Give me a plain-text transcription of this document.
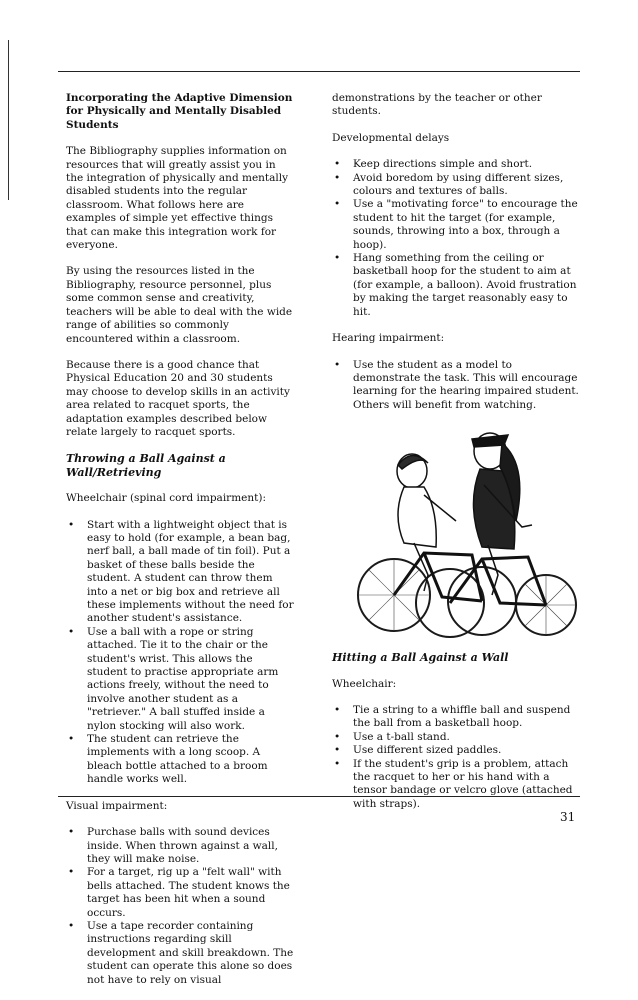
Incorporating the Adaptive Dimension for Physically and Mentally Disabled Students

The Bibliography supplies information on resources that will greatly assist you in the integration of physically and mentally disabled students into the regular classroom. What follows here are examples of simple yet effective things that can make this integration work for everyone.

By using the resources listed in the Bibliography, resource personnel, plus some common sense and creativity, teachers will be able to deal with the wide range of abilities so commonly encountered within a classroom.

Because there is a good chance that Physical Education 20 and 30 students may choose to develop skills in an activity area related to racquet sports, the adaptation examples described below relate largely to racquet sports.

Throwing a Ball Against a Wall/Retrieving

Wheelchair (spinal cord impairment):

• Start with a lightweight object that is easy to hold (for example, a bean bag, nerf ball, a ball made of tin foil). Put a basket of these balls beside the student. A student can throw them into a net or big box and retrieve all these implements without the need for another student's assistance.
• Use a ball with a rope or string attached. Tie it to the chair or the student's wrist. This allows the student to practise appropriate arm actions freely, without the need to involve another student as a "retriever." A ball stuffed inside a nylon stocking will also work.
• The student can retrieve the implements with a long scoop. A bleach bottle attached to a broom handle works well.

Visual impairment:

• Purchase balls with sound devices inside. When thrown against a wall, they will make noise.
• For a target, rig up a "felt wall" with bells attached. The student knows the target has been hit when a sound occurs.
• Use a tape recorder containing instructions regarding skill development and skill breakdown. The student can operate this alone so does not have to rely on visual

demonstrations by the teacher or other students.

Developmental delays

• Keep directions simple and short.
• Avoid boredom by using different sizes, colours and textures of balls.
• Use a "motivating force" to encourage the student to hit the target (for example, sounds, throwing into a box, through a hoop).
• Hang something from the ceiling or basketball hoop for the student to aim at (for example, a balloon). Avoid frustration by making the target reasonably easy to hit.

Hearing impairment:

• Use the student as a model to demonstrate the task. This will encourage learning for the hearing impaired student. Others will benefit from watching.

Hitting a Ball Against a Wall

Wheelchair:

• Tie a string to a whiffle ball and suspend the ball from a basketball hoop.
• Use a t-ball stand.
• Use different sized paddles.
• If the student's grip is a problem, attach the racquet to her or his hand with a tensor bandage or velcro glove (attached with straps).
31
